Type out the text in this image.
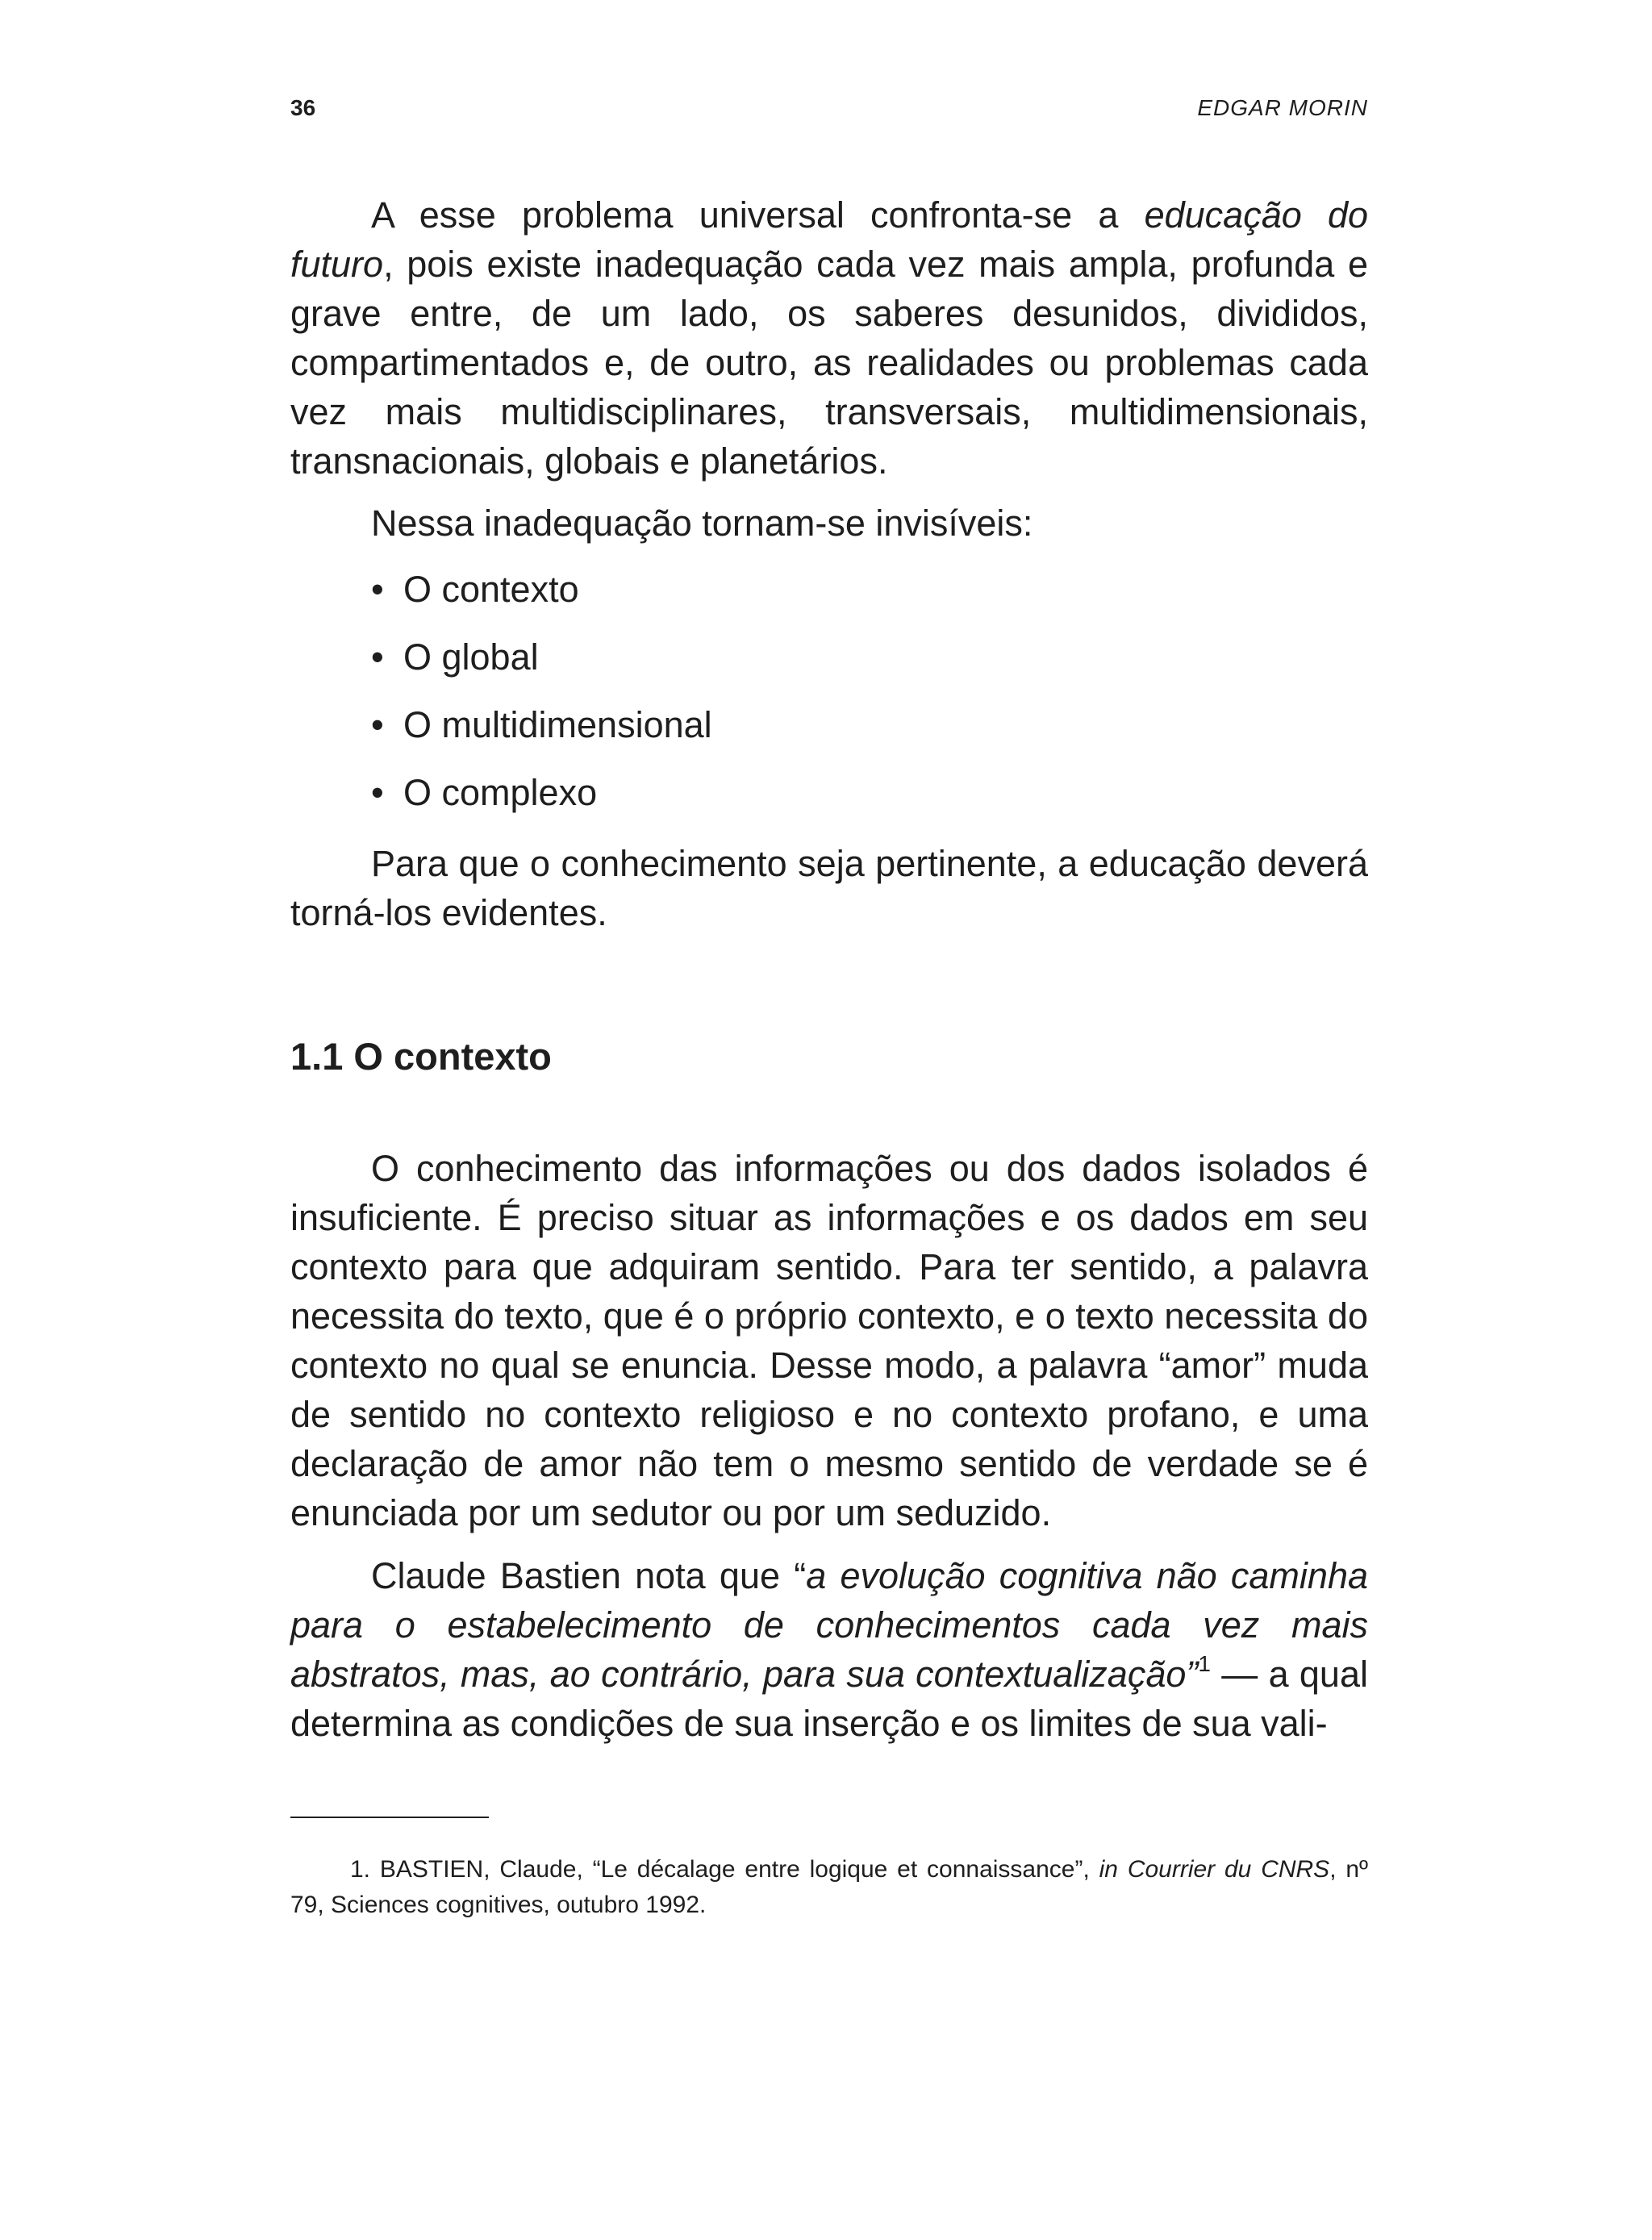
36	EDGAR MORIN

A esse problema universal confronta-se a educação do futuro, pois existe inadequação cada vez mais ampla, profunda e grave entre, de um lado, os saberes desunidos, divididos, compartimentados e, de outro, as realidades ou problemas cada vez mais multidisciplinares, transversais, multidimensionais, transnacionais, globais e planetários.

Nessa inadequação tornam-se invisíveis:

• O contexto
• O global
• O multidimensional
• O complexo

Para que o conhecimento seja pertinente, a educação deverá torná-los evidentes.

1.1 O contexto

O conhecimento das informações ou dos dados isolados é insuficiente. É preciso situar as informações e os dados em seu contexto para que adquiram sentido. Para ter sentido, a palavra necessita do texto, que é o próprio contexto, e o texto necessita do contexto no qual se enuncia. Desse modo, a palavra “amor” muda de sentido no contexto religioso e no contexto profano, e uma declaração de amor não tem o mesmo sentido de verdade se é enunciada por um sedutor ou por um seduzido.

Claude Bastien nota que “a evolução cognitiva não caminha para o estabelecimento de conhecimentos cada vez mais abstratos, mas, ao contrário, para sua contextualização”$^1$ — a qual determina as condições de sua inserção e os limites de sua vali-

1. BASTIEN, Claude, “Le décalage entre logique et connaissance”, in Courrier du CNRS, nº 79, Sciences cognitives, outubro 1992.
